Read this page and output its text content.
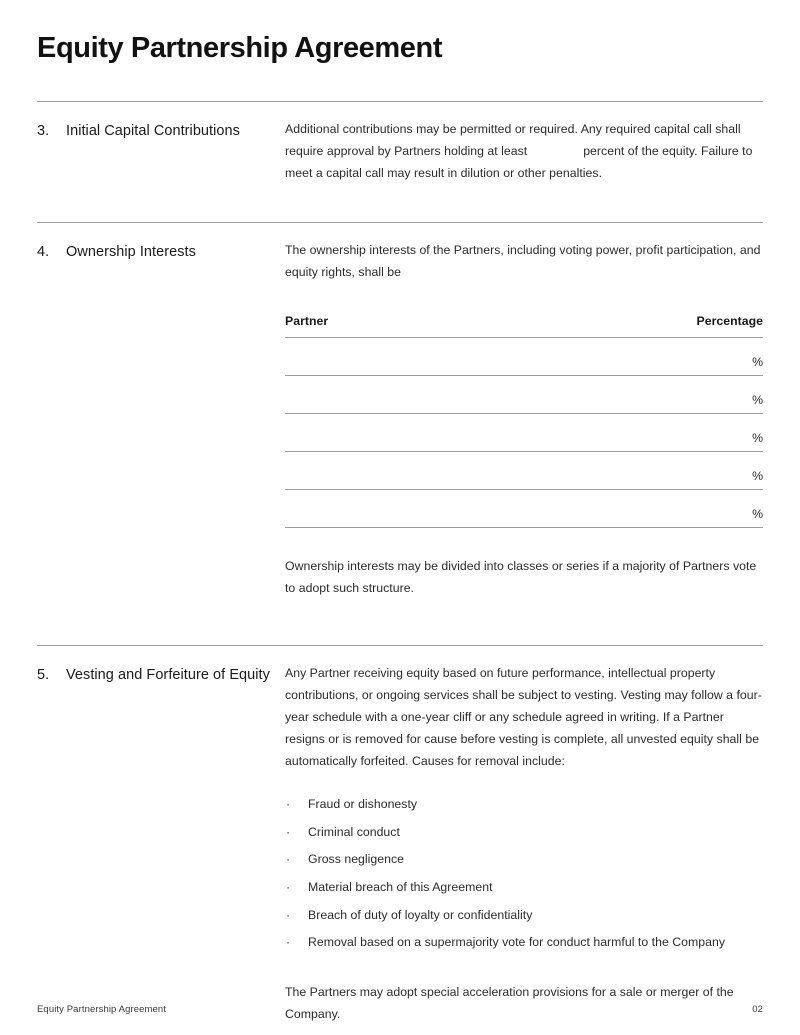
Equity Partnership Agreement
3.	Initial Capital Contributions	Additional contributions may be permitted or required. Any required capital call shall require approval by Partners holding at least	percent of the equity. Failure to meet a capital call may result in dilution or other penalties.

4.	Ownership Interests	The ownership interests of the Partners, including voting power, profit participation, and equity rights, shall be

Partner	Percentage
	%
	%
	%
	%
	%

Ownership interests may be divided into classes or series if a majority of Partners vote to adopt such structure.

5.	Vesting and Forfeiture of Equity Any Partner receiving equity based on future performance, intellectual property contributions, or ongoing services shall be subject to vesting. Vesting may follow a four-year schedule with a one-year cliff or any schedule agreed in writing. If a Partner resigns or is removed for cause before vesting is complete, all unvested equity shall be automatically forfeited. Causes for removal include:

· Fraud or dishonesty
· Criminal conduct
· Gross negligence
· Material breach of this Agreement
· Breach of duty of loyalty or confidentiality
· Removal based on a supermajority vote for conduct harmful to the Company

The Partners may adopt special acceleration provisions for a sale or merger of the Company.

Equity Partnership Agreement	02
